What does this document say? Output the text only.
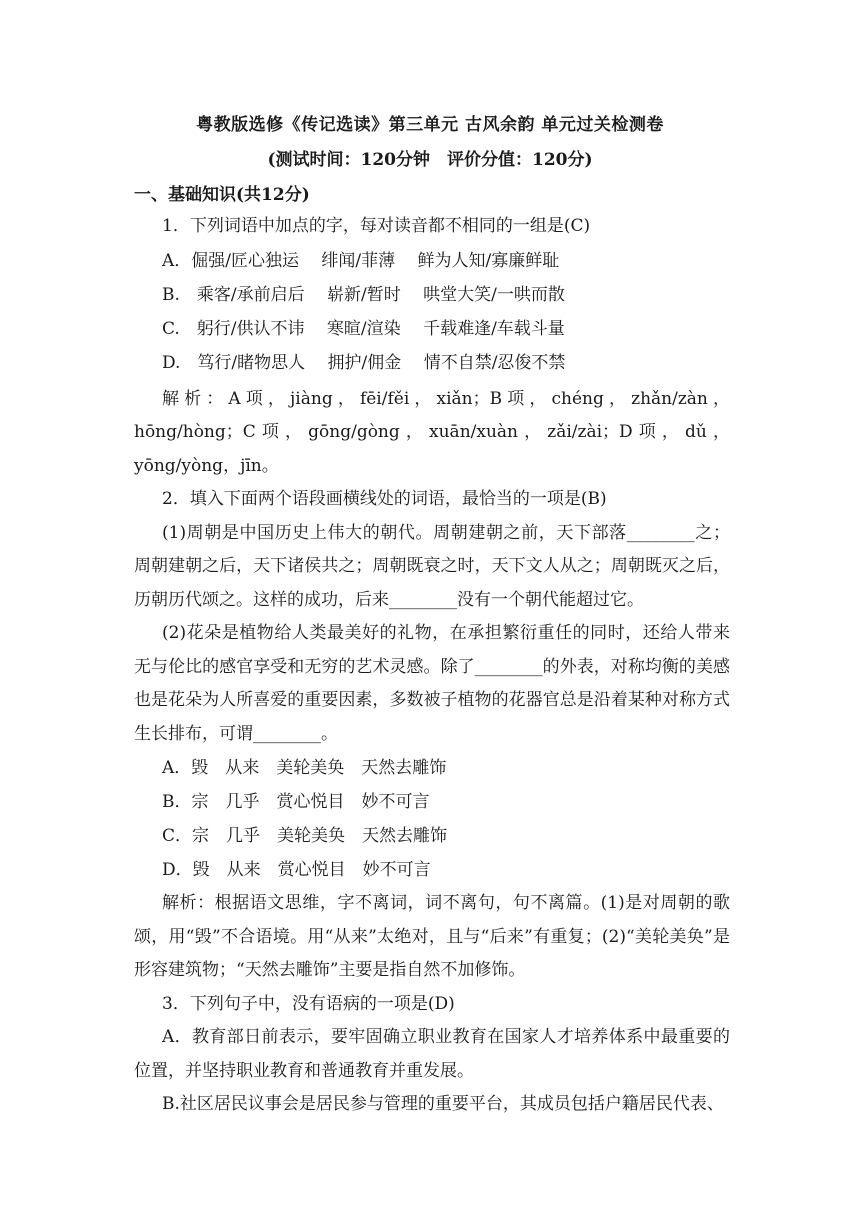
粤教版选修《传记选读》第三单元 古风余韵 单元过关检测卷
(测试时间：120分钟　评价分值：120分)
一、基础知识(共12分)

1．下列词语中加点的字，每对读音都不相同的一组是(C)

A．倔强/匠心独运　 绯闻/菲薄　 鲜为人知/寡廉鲜耻

B.　乘客/承前启后　 崭新/暂时　 哄堂大笑/一哄而散

C.　躬行/供认不讳　 寒暄/渲染　 千载难逢/车载斗量

D.　笃行/睹物思人　 拥护/佣金　 情不自禁/忍俊不禁

解析：A项，jiàng，fēi/fěi，xiǎn；B项，chéng，zhǎn/zàn，hōng/hòng；C项，gōng/gòng，xuān/xuàn，zǎi/zài；D项，dǔ，yōng/yòng，jīn。

2．填入下面两个语段画横线处的词语，最恰当的一项是(B)

(1)周朝是中国历史上伟大的朝代。周朝建朝之前，天下部落________之；周朝建朝之后，天下诸侯共之；周朝既衰之时，天下文人从之；周朝既灭之后，历朝历代颂之。这样的成功，后来________没有一个朝代能超过它。

(2)花朵是植物给人类最美好的礼物，在承担繁衍重任的同时，还给人带来无与伦比的感官享受和无穷的艺术灵感。除了________的外表，对称均衡的美感也是花朵为人所喜爱的重要因素，多数被子植物的花器官总是沿着某种对称方式生长排布，可谓________。

A．毁　从来　美轮美奂　天然去雕饰

B．宗　几乎　赏心悦目　妙不可言

C．宗　几乎　美轮美奂　天然去雕饰

D．毁　从来　赏心悦目　妙不可言

解析：根据语文思维，字不离词，词不离句，句不离篇。(1)是对周朝的歌颂，用“毁”不合语境。用“从来”太绝对，且与“后来”有重复；(2)“美轮美奂”是形容建筑物；“天然去雕饰”主要是指自然不加修饰。

3．下列句子中，没有语病的一项是(D)

A．教育部日前表示，要牢固确立职业教育在国家人才培养体系中最重要的位置，并坚持职业教育和普通教育并重发展。

B.社区居民议事会是居民参与管理的重要平台，其成员包括户籍居民代表、
